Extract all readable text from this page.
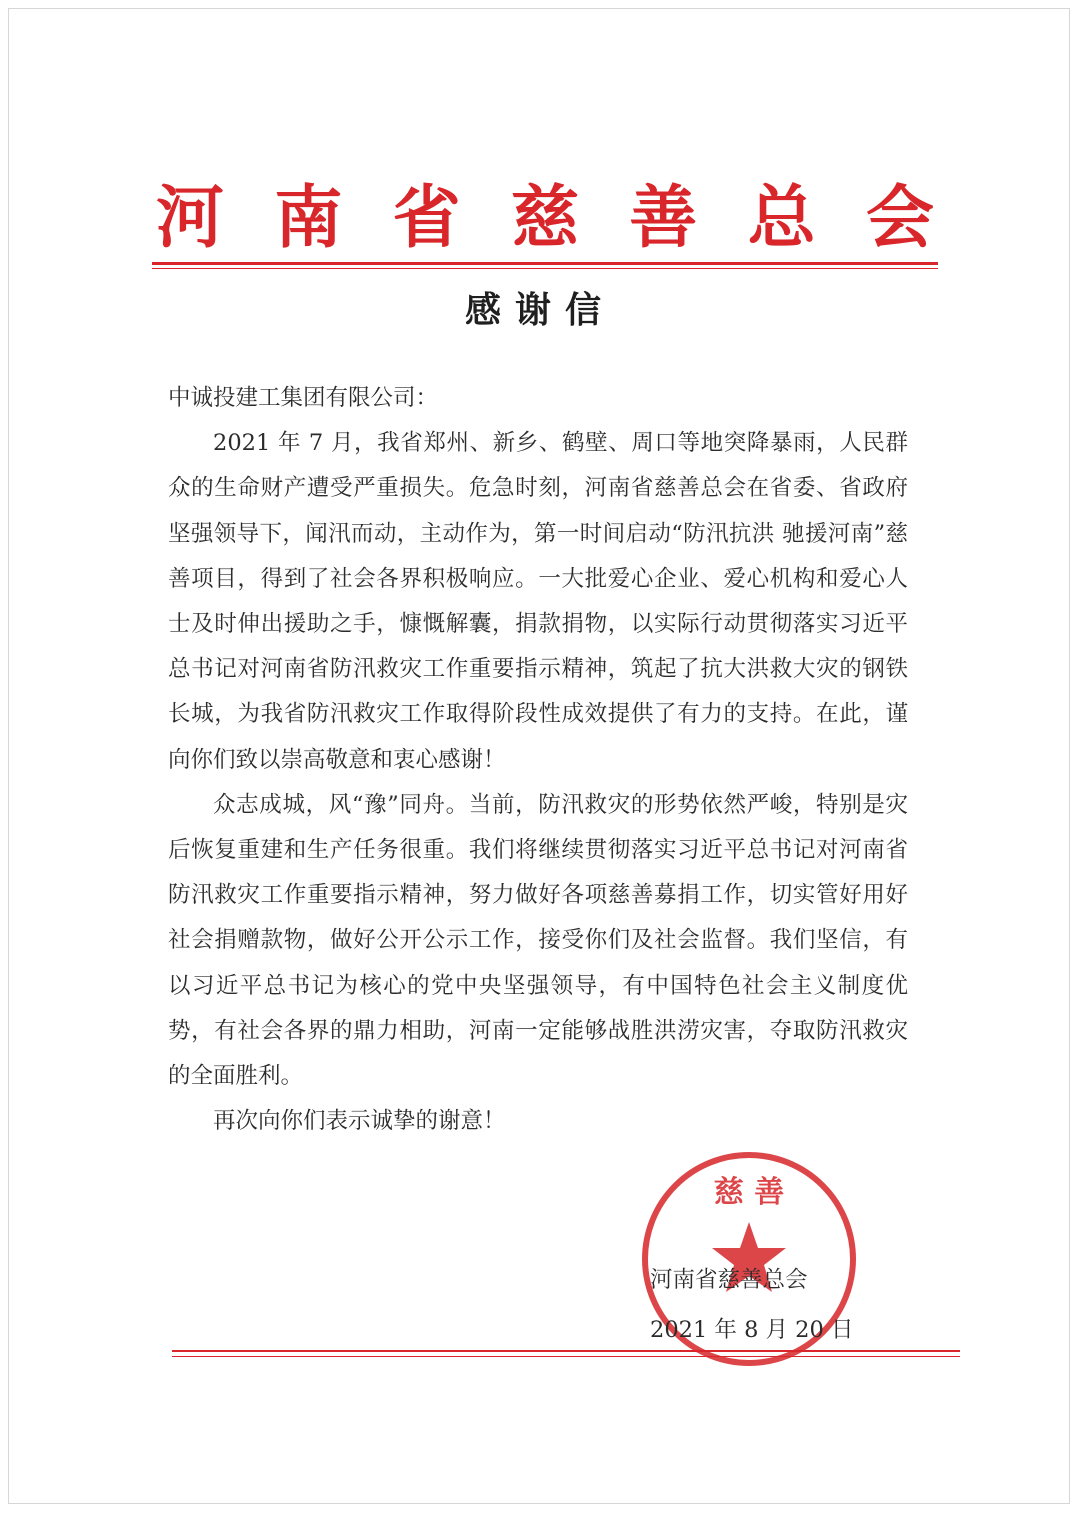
河 南 省 慈 善 总 会
感谢信

中诚投建工集团有限公司：

2021 年 7 月，我省郑州、新乡、鹤壁、周口等地突降暴雨，人民群众的生命财产遭受严重损失。危急时刻，河南省慈善总会在省委、省政府坚强领导下，闻汛而动，主动作为，第一时间启动“防汛抗洪 驰援河南”慈善项目，得到了社会各界积极响应。一大批爱心企业、爱心机构和爱心人士及时伸出援助之手，慷慨解囊，捐款捐物，以实际行动贯彻落实习近平总书记对河南省防汛救灾工作重要指示精神，筑起了抗大洪救大灾的钢铁长城，为我省防汛救灾工作取得阶段性成效提供了有力的支持。在此，谨向你们致以崇高敬意和衷心感谢！

众志成城，风“豫”同舟。当前，防汛救灾的形势依然严峻，特别是灾后恢复重建和生产任务很重。我们将继续贯彻落实习近平总书记对河南省防汛救灾工作重要指示精神，努力做好各项慈善募捐工作，切实管好用好社会捐赠款物，做好公开公示工作，接受你们及社会监督。我们坚信，有以习近平总书记为核心的党中央坚强领导，有中国特色社会主义制度优势，有社会各界的鼎力相助，河南一定能够战胜洪涝灾害，夺取防汛救灾的全面胜利。

再次向你们表示诚挚的谢意！

慈 善
河南省慈善总会
2021 年 8 月 20 日
